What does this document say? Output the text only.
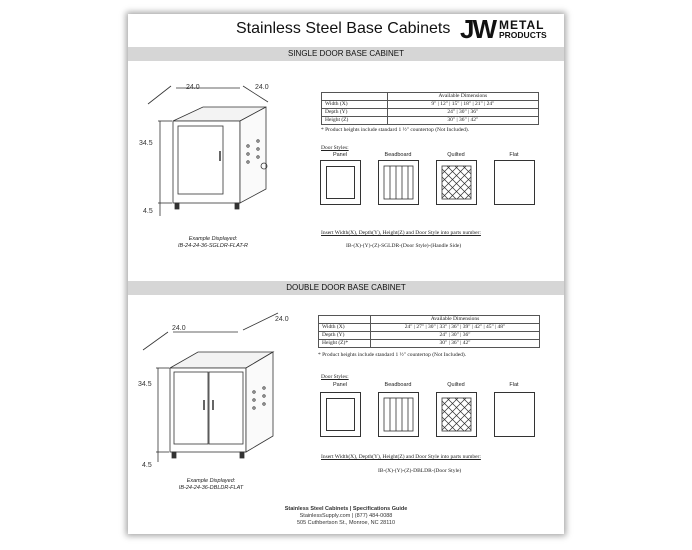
Stainless Steel Base Cabinets JW METAL
PRODUCTS
SINGLE DOOR BASE CABINET
24.0	24.0
34.5
4.5
Example Displayed:
IB-24-24-36-SGLDR-FLAT-R
	Available Dimensions
Width (X)	9" | 12" | 15" | 18" | 21" | 24"
Depth (Y)	24" | 30" | 36"
Height (Z)	30" | 36" | 42"
* Product heights include standard 1 ½" countertop (Not Included).
Door Styles:
Panel	Beadboard	Quilted	Flat
Insert Width(X), Depth(Y), Height(Z) and Door Style into parts number:
IB-(X)-(Y)-(Z)-SGLDR-(Door Style)-(Handle Side)
DOUBLE DOOR BASE CABINET
24.0
24.0
34.5
4.5
Example Displayed:
IB-24-24-36-DBLDR-FLAT
	Available Dimensions
Width (X)	24" | 27" | 30" | 33" | 36" | 39" | 42" | 45" | 48"
Depth (Y)	24" | 30" | 36"
Height (Z)*	30" | 36" | 42"
* Product heights include standard 1 ½" countertop (Not Included).
Door Styles:
Panel	Beadboard	Quilted	Flat
Insert Width(X), Depth(Y), Height(Z) and Door Style into parts number:
IB-(X)-(Y)-(Z)-DBLDR-(Door Style)
Stainless Steel Cabinets | Specifications Guide
StainlessSupply.com | (877) 484-0088
505 Cuthbertson St., Monroe, NC 28110
